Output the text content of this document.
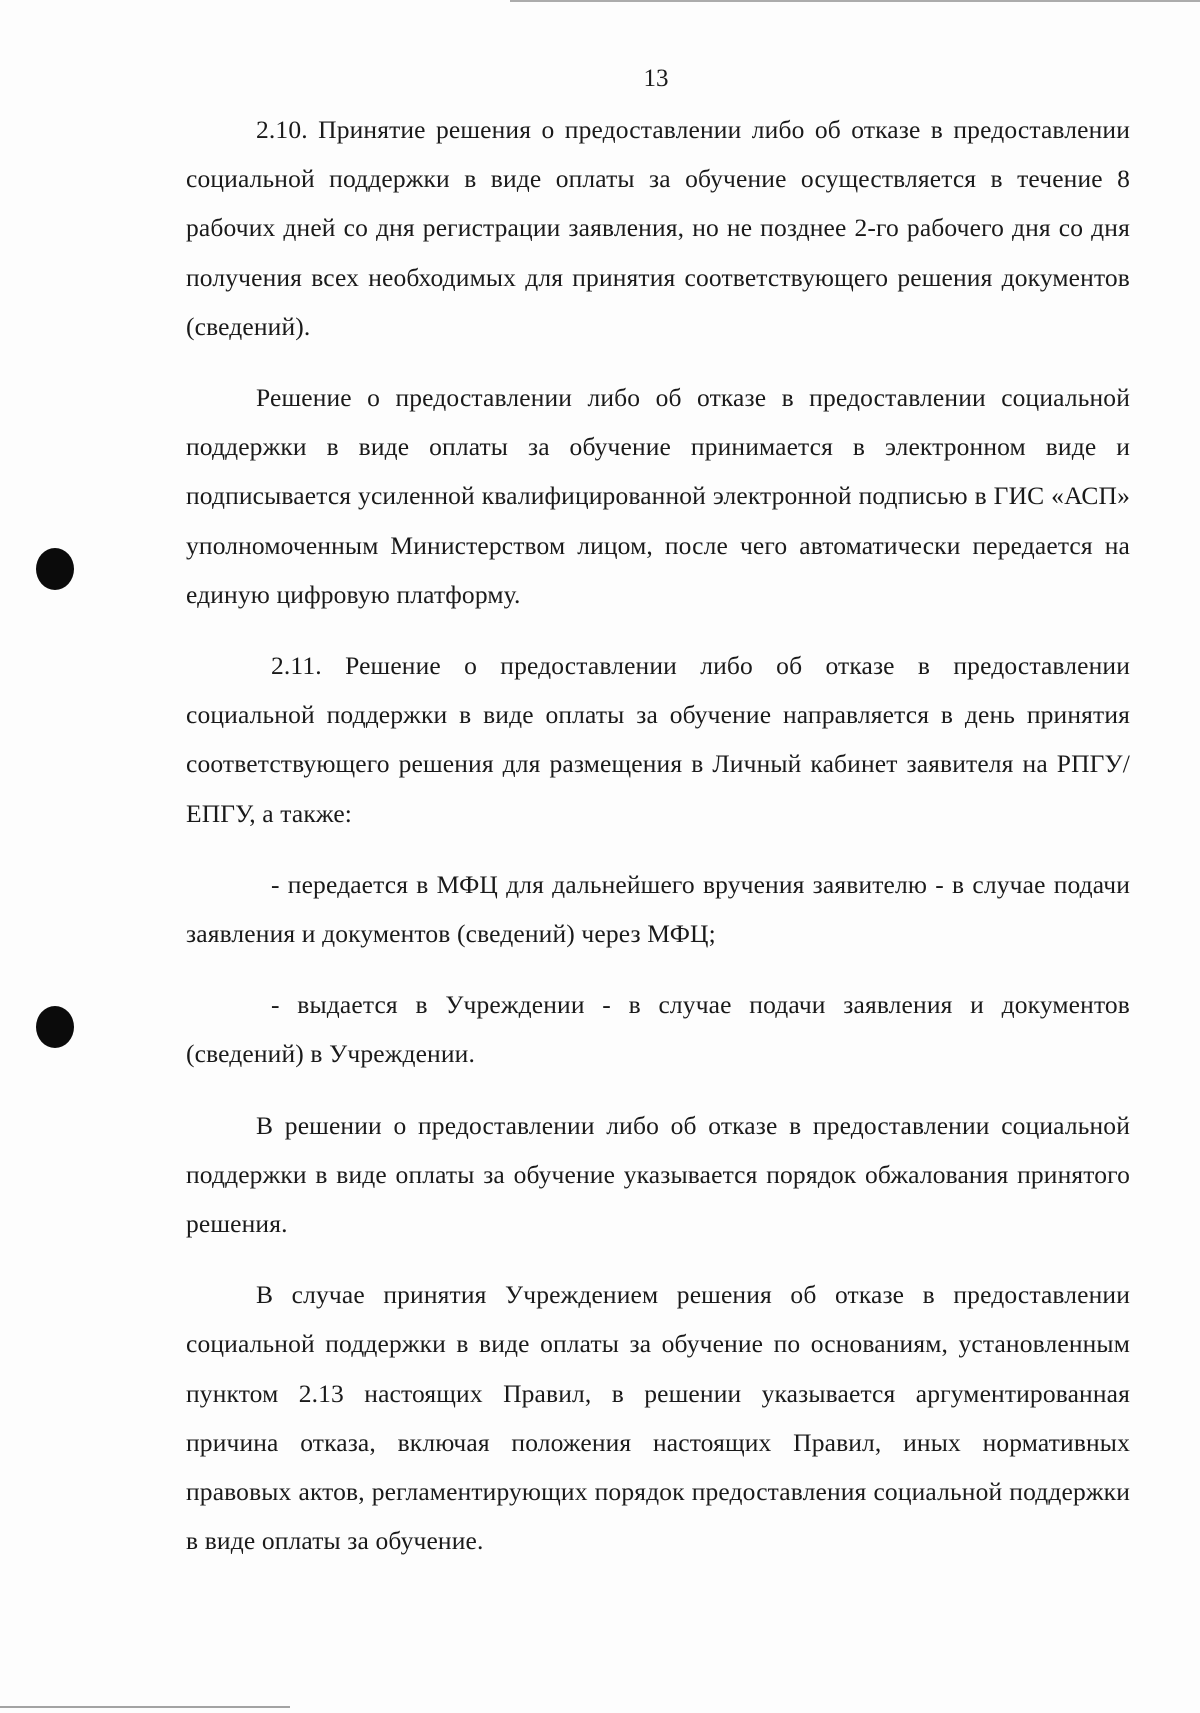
13

2.10. Принятие решения о предоставлении либо об отказе в предоставлении социальной поддержки в виде оплаты за обучение осуществляется в течение 8 рабочих дней со дня регистрации заявления, но не позднее 2-го рабочего дня со дня получения всех необходимых для принятия соответствующего решения документов (сведений).

Решение о предоставлении либо об отказе в предоставлении социальной поддержки в виде оплаты за обучение принимается в электронном виде и подписывается усиленной квалифицированной электронной подписью в ГИС «АСП» уполномоченным Министерством лицом, после чего автоматически передается на единую цифровую платформу.

2.11. Решение о предоставлении либо об отказе в предоставлении социальной поддержки в виде оплаты за обучение направляется в день принятия соответствующего решения для размещения в Личный кабинет заявителя на РПГУ/ЕПГУ, а также:

- передается в МФЦ для дальнейшего вручения заявителю - в случае подачи заявления и документов (сведений) через МФЦ;

- выдается в Учреждении - в случае подачи заявления и документов (сведений) в Учреждении.

В решении о предоставлении либо об отказе в предоставлении социальной поддержки в виде оплаты за обучение указывается порядок обжалования принятого решения.

В случае принятия Учреждением решения об отказе в предоставлении социальной поддержки в виде оплаты за обучение по основаниям, установленным пунктом 2.13 настоящих Правил, в решении указывается аргументированная причина отказа, включая положения настоящих Правил, иных нормативных правовых актов, регламентирующих порядок предоставления социальной поддержки в виде оплаты за обучение.
